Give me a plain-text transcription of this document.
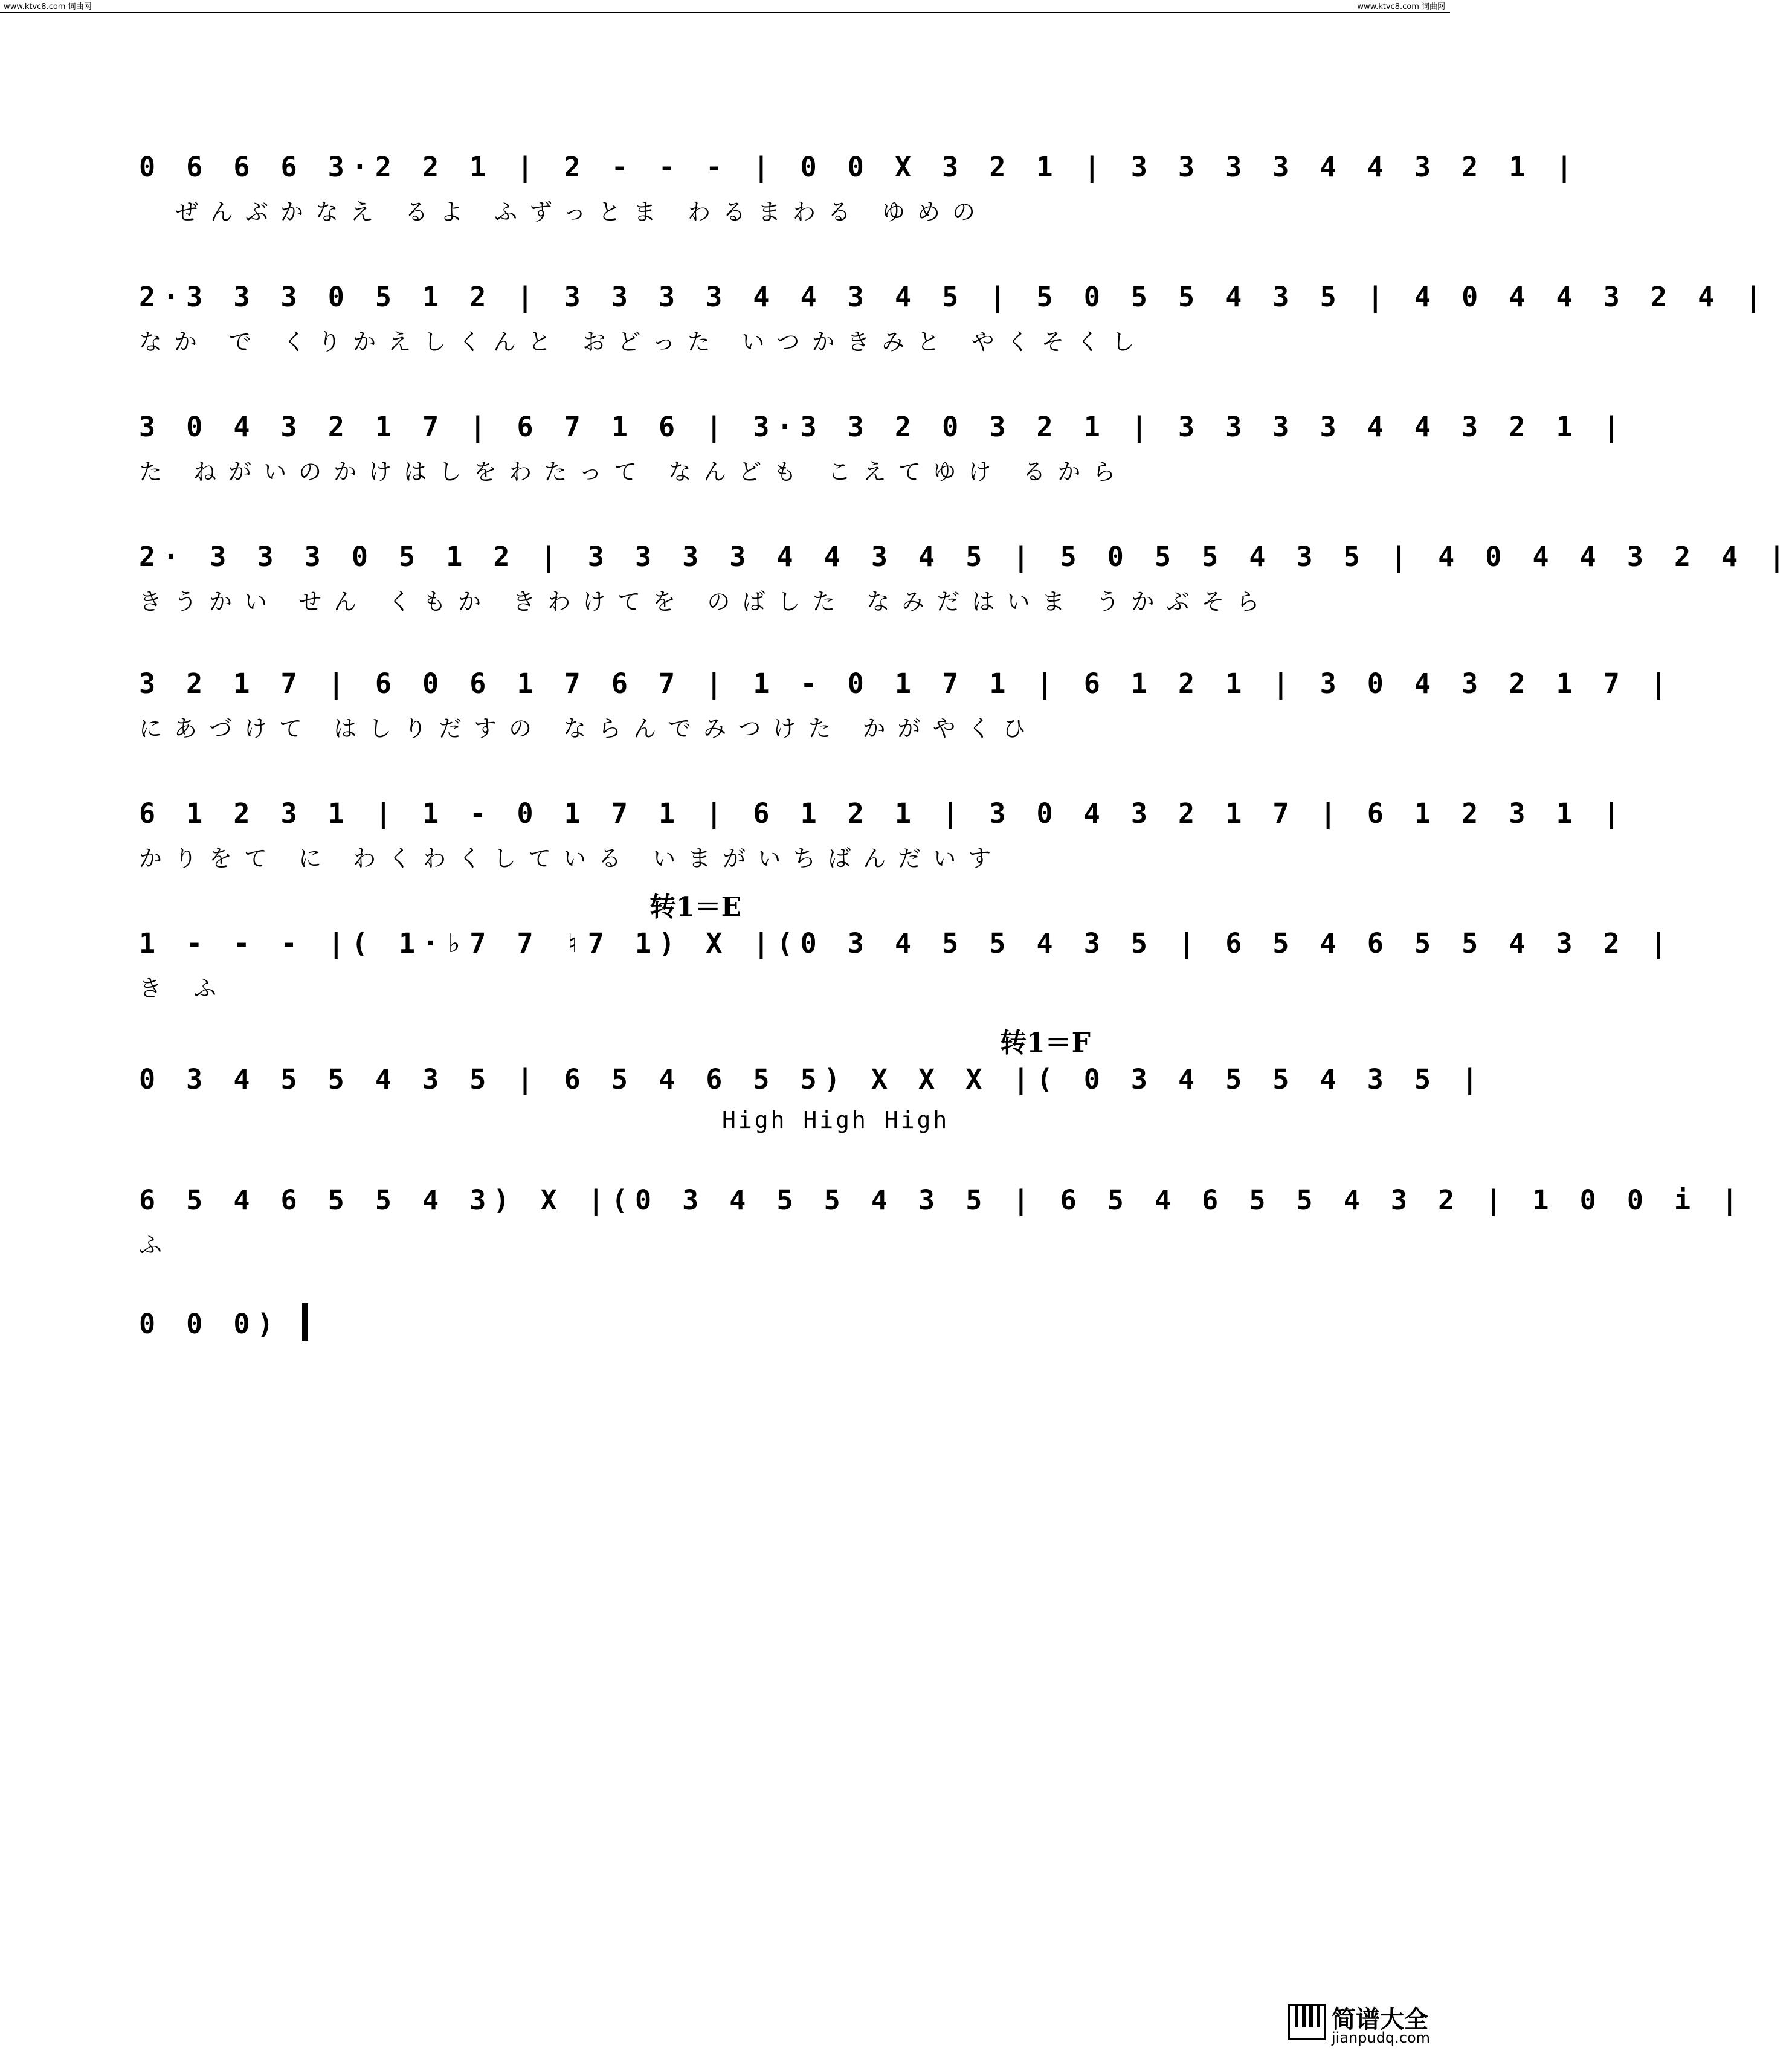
www.ktvc8.com 词曲网	www.ktvc8.com 词曲网
0 6 6 6 3·2 2 1 | 2 - - - | 0 0 X 3 2 1 | 3 3 3 3 4 4 3 2 1 |
ぜんぶかなえ るよ ふずっとま わるまわる ゆめの
2·3 3 3 0 5 1 2 | 3 3 3 3 4 4 3 4 5 | 5 0 5 5 4 3 5 | 4 0 4 4 3 2 4 |
なか で くりかえしくんと おどった いつかきみと やくそくし
3 0 4 3 2 1 7 | 6 7 1 6 | 3·3 3 2 0 3 2 1 | 3 3 3 3 4 4 3 2 1 |
た ねがいのかけはしをわたって なんども こえてゆけ るから
2· 3 3 3 0 5 1 2 | 3 3 3 3 4 4 3 4 5 | 5 0 5 5 4 3 5 | 4 0 4 4 3 2 4 |
きうかい せん くもか きわけてを のばした なみだはいま うかぶそら
3 2 1 7 | 6 0 6 1 7 6 7 | 1 - 0 1 7 1 | 6 1 2 1 | 3 0 4 3 2 1 7 |
にあづけて はしりだすの ならんでみつけた かがやくひ
6 1 2 3 1 | 1 - 0 1 7 1 | 6 1 2 1 | 3 0 4 3 2 1 7 | 6 1 2 3 1 |
かりをて に わくわくしている いまがいちばんだいす
转1＝E
1 - - - |( 1·♭7 7 ♮7 1) X |(0 3 4 5 5 4 3 5 | 6 5 4 6 5 5 4 3 2 |
き ふ
转1＝F
0 3 4 5 5 4 3 5 | 6 5 4 6 5 5) X X X |( 0 3 4 5 5 4 3 5 |
High High High
6 5 4 6 5 5 4 3) X |(0 3 4 5 5 4 3 5 | 6 5 4 6 5 5 4 3 2 | 1 0 0 i |
ふ
0 0 0)
简谱大全
jianpudq.com
